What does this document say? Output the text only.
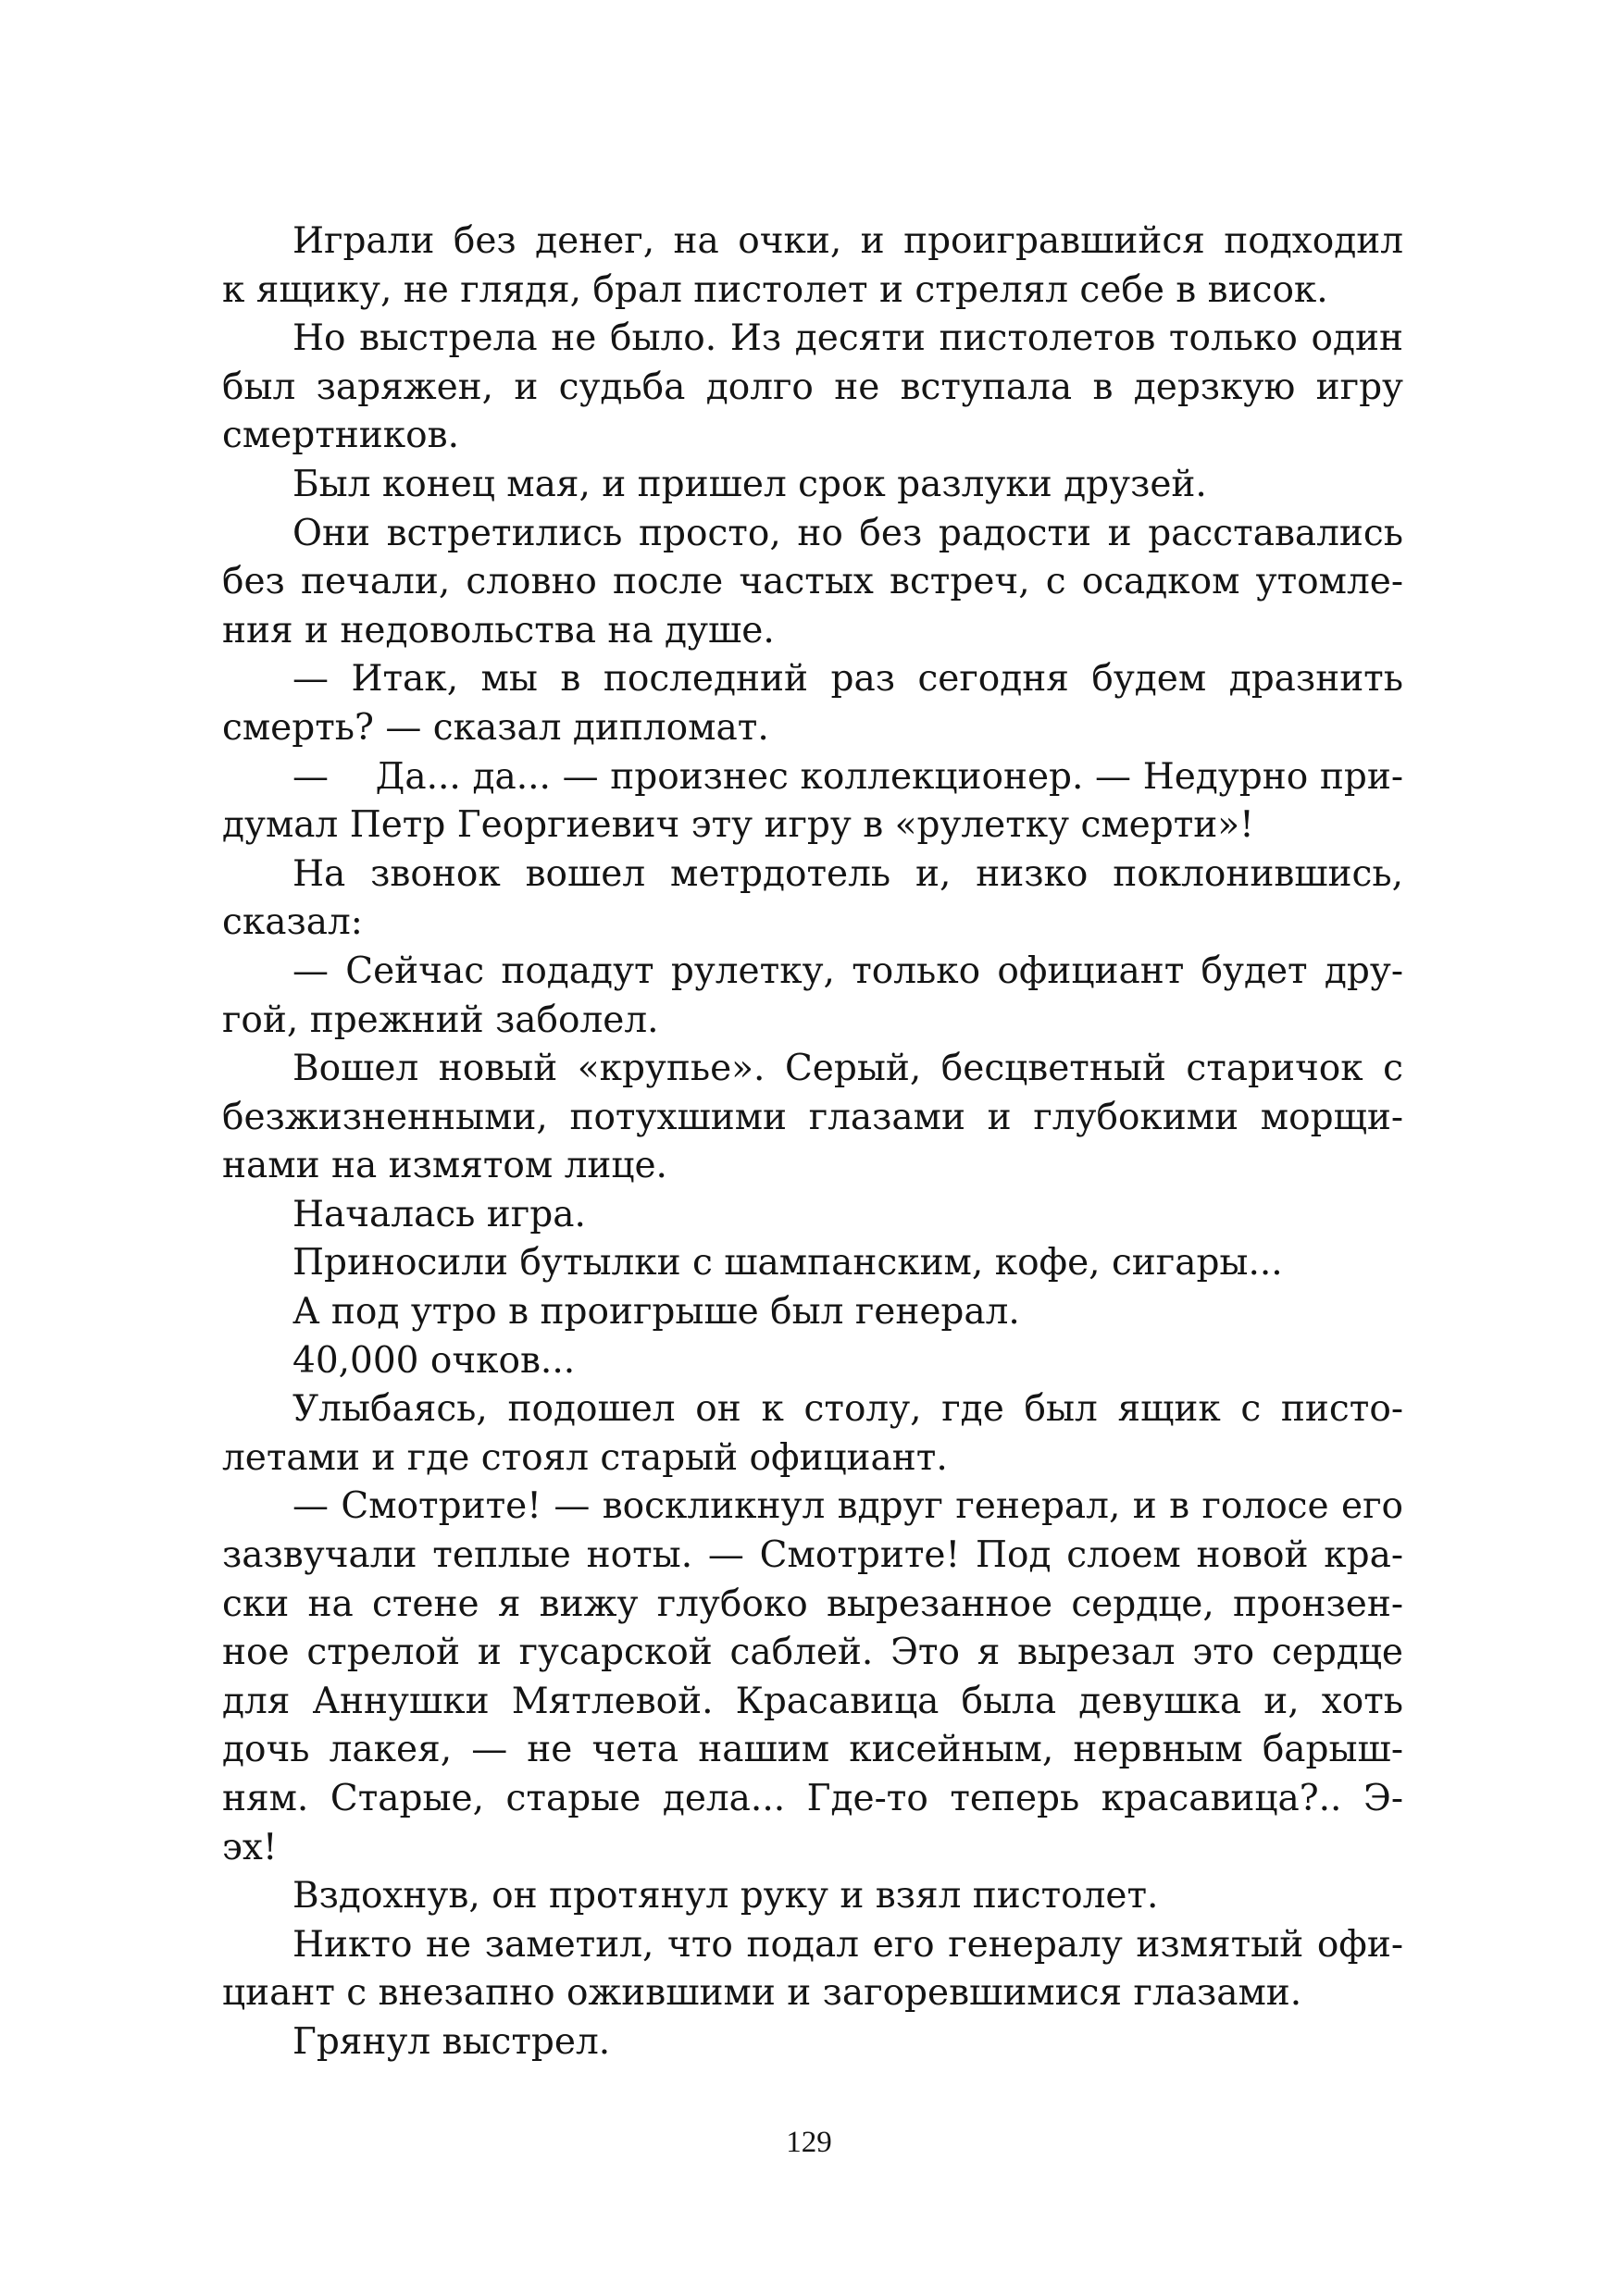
Играли без денег, на очки, и проигравшийся подходил
к ящику, не глядя, брал пистолет и стрелял себе в висок.
Но выстрела не было. Из десяти пистолетов только один
был заряжен, и судьба долго не вступала в дерзкую игру
смертников.
Был конец мая, и пришел срок разлуки друзей.
Они встретились просто, но без радости и расставались
без печали, словно после частых встреч, с осадком утомле-
ния и недовольства на душе.
— Итак, мы в последний раз сегодня будем дразнить
смерть? — сказал дипломат.
—    Да... да... — произнес коллекционер. — Недурно при-
думал Петр Георгиевич эту игру в «рулетку смерти»!
На звонок вошел метрдотель и, низко поклонившись,
сказал:
— Сейчас подадут рулетку, только официант будет дру-
гой, прежний заболел.
Вошел новый «крупье». Серый, бесцветный старичок с
безжизненными, потухшими глазами и глубокими морщи-
нами на измятом лице.
Началась игра.
Приносили бутылки с шампанским, кофе, сигары...
А под утро в проигрыше был генерал.
40,000 очков...
Улыбаясь, подошел он к столу, где был ящик с писто-
летами и где стоял старый официант.
— Смотрите! — воскликнул вдруг генерал, и в голосе его
зазвучали теплые ноты. — Смотрите! Под слоем новой кра-
ски на стене я вижу глубоко вырезанное сердце, пронзен-
ное стрелой и гусарской саблей. Это я вырезал это сердце
для Аннушки Мятлевой. Красавица была девушка и, хоть
дочь лакея, — не чета нашим кисейным, нервным барыш-
ням. Старые, старые дела... Где-то теперь красавица?.. Э-
эх!
Вздохнув, он протянул руку и взял пистолет.
Никто не заметил, что подал его генералу измятый офи-
циант с внезапно ожившими и загоревшимися глазами.
Грянул выстрел.
129
